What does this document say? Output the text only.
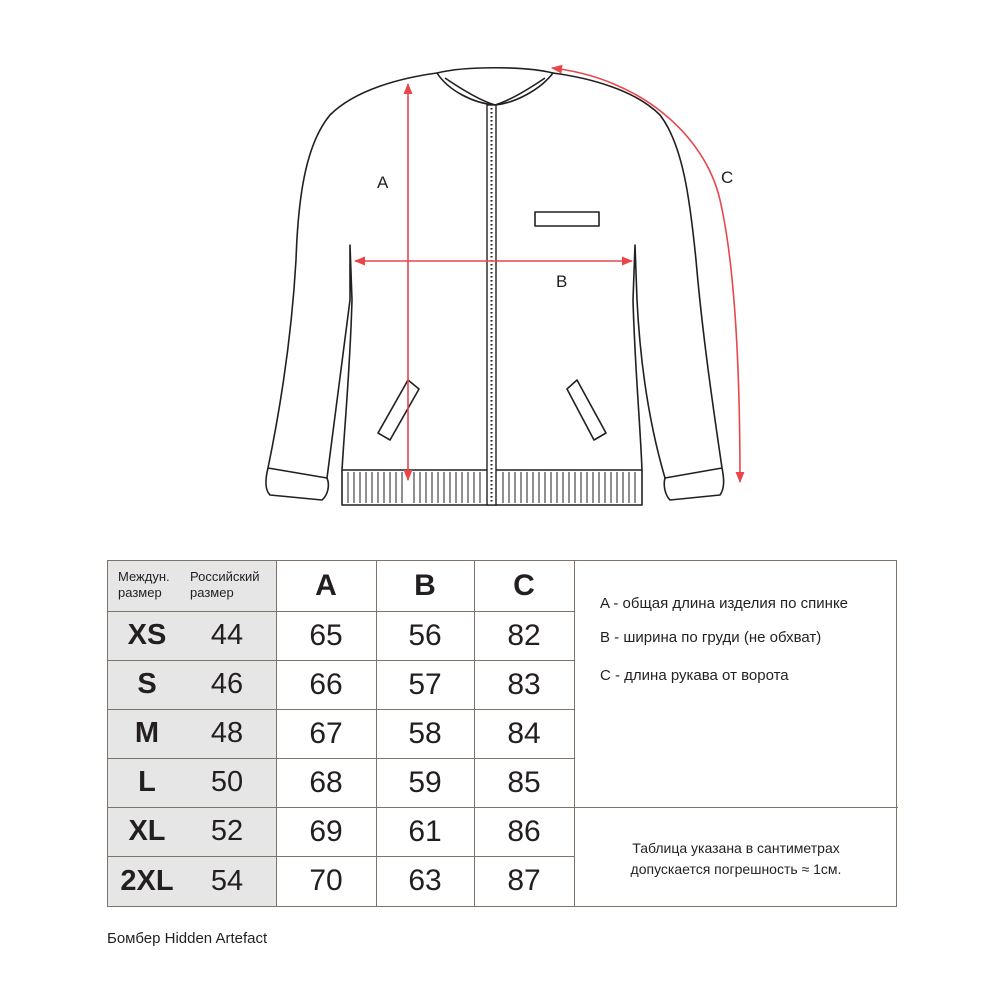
A
B
C
Междун.
размер
Российский
размер	A	B	C
XS	44	65	56	82
S	46	66	57	83
M	48	67	58	84
L	50	68	59	85
XL	52	69	61	86
2XL	54	70	63	87
A - общая длина изделия по спинке
B - ширина по груди (не обхват)
C - длина рукава от ворота
Таблица указана в сантиметрах
допускается погрешность ≈ 1см.
Бомбер Hidden Artefact
